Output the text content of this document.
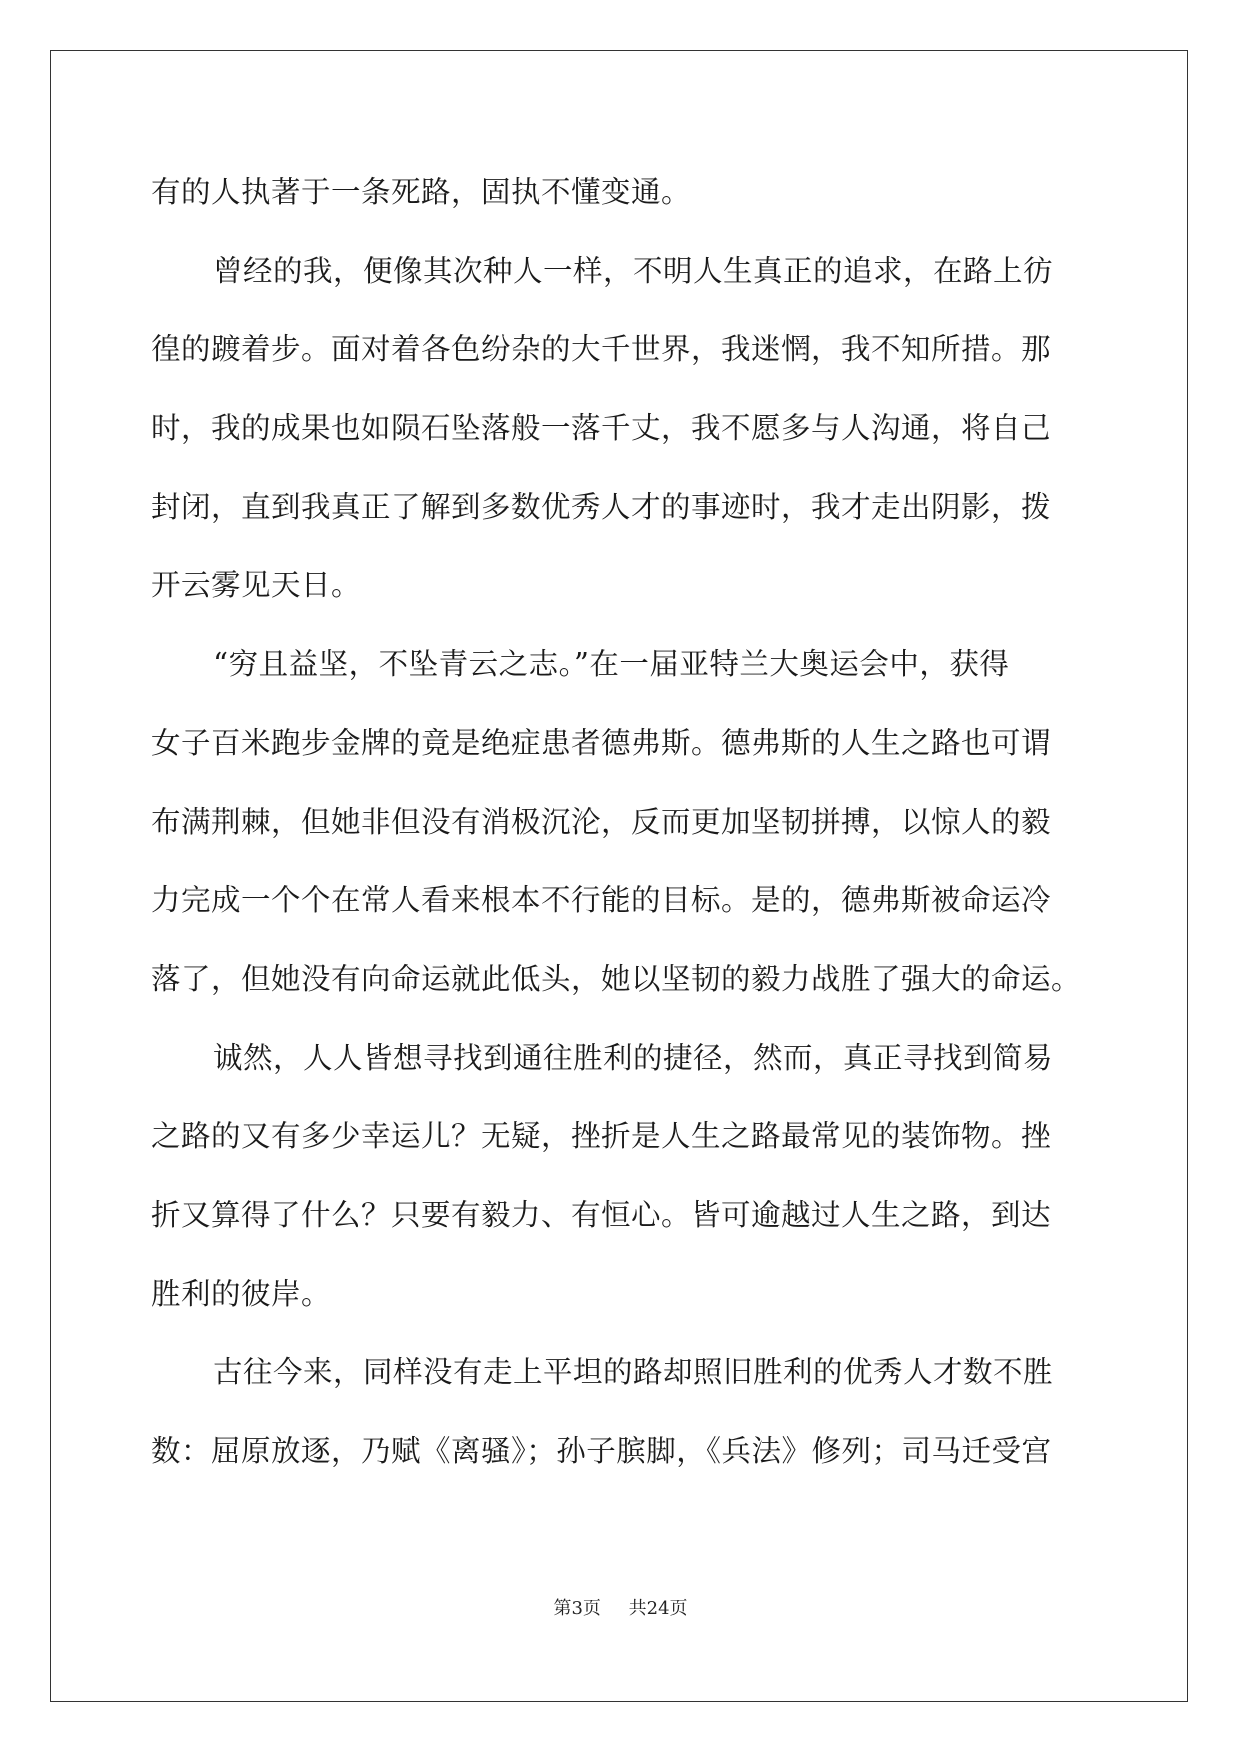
有的人执著于一条死路，固执不懂变通。
曾经的我，便像其次种人一样，不明人生真正的追求，在路上彷
徨的踱着步。面对着各色纷杂的大千世界，我迷惘，我不知所措。那
时，我的成果也如陨石坠落般一落千丈，我不愿多与人沟通，将自己
封闭，直到我真正了解到多数优秀人才的事迹时，我才走出阴影，拨
开云雾见天日。
“穷且益坚，不坠青云之志。”在一届亚特兰大奥运会中，获得
女子百米跑步金牌的竟是绝症患者德弗斯。德弗斯的人生之路也可谓
布满荆棘，但她非但没有消极沉沦，反而更加坚韧拼搏，以惊人的毅
力完成一个个在常人看来根本不行能的目标。是的，德弗斯被命运冷
落了，但她没有向命运就此低头，她以坚韧的毅力战胜了强大的命运。
诚然，人人皆想寻找到通往胜利的捷径，然而，真正寻找到简易
之路的又有多少幸运儿？无疑，挫折是人生之路最常见的装饰物。挫
折又算得了什么？只要有毅力、有恒心。皆可逾越过人生之路，到达
胜利的彼岸。
古往今来，同样没有走上平坦的路却照旧胜利的优秀人才数不胜
数：屈原放逐，乃赋《离骚》；孙子膑脚，《兵法》修列；司马迁受宫
第3页 共24页
